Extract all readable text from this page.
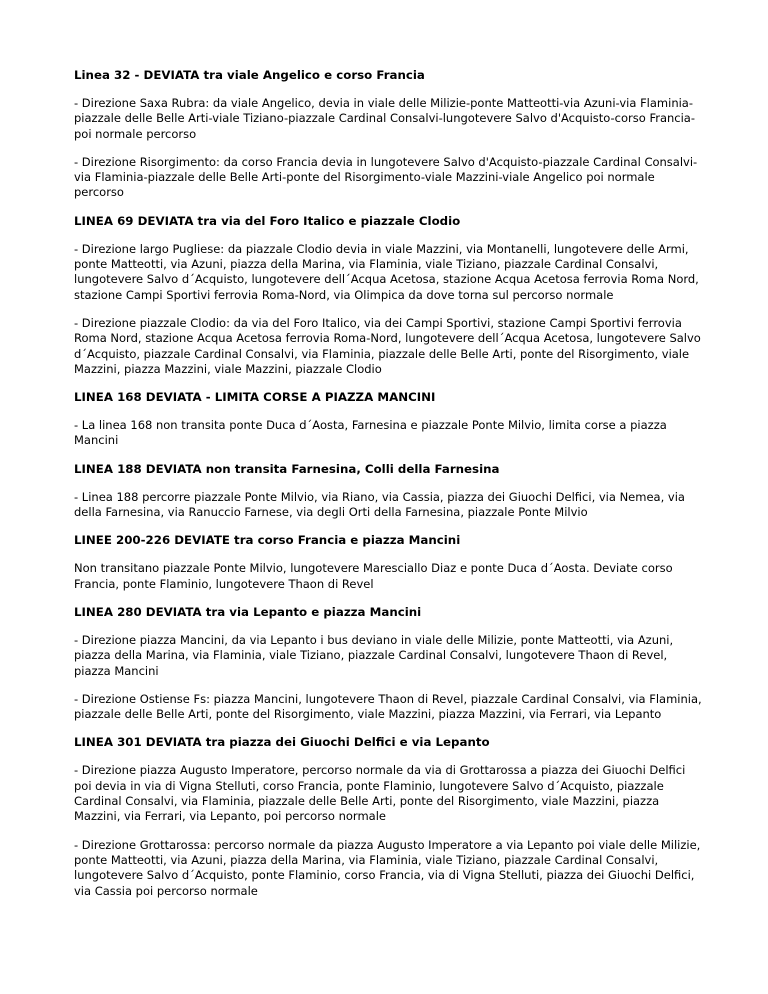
Linea 32 - DEVIATA tra viale Angelico e corso Francia
- Direzione Saxa Rubra: da viale Angelico, devia in viale delle Milizie-ponte Matteotti-via Azuni-via Flaminia-piazzale delle Belle Arti-viale Tiziano-piazzale Cardinal Consalvi-lungotevere Salvo d'Acquisto-corso Francia-poi normale percorso
- Direzione Risorgimento: da corso Francia devia in lungotevere Salvo d'Acquisto-piazzale Cardinal Consalvi-via Flaminia-piazzale delle Belle Arti-ponte del Risorgimento-viale Mazzini-viale Angelico poi normale percorso
LINEA 69 DEVIATA tra via del Foro Italico e piazzale Clodio
- Direzione largo Pugliese: da piazzale Clodio devia in viale Mazzini, via Montanelli, lungotevere delle Armi, ponte Matteotti, via Azuni, piazza della Marina, via Flaminia, viale Tiziano, piazzale Cardinal Consalvi, lungotevere Salvo d´Acquisto, lungotevere dell´Acqua Acetosa, stazione Acqua Acetosa ferrovia Roma Nord, stazione Campi Sportivi ferrovia Roma-Nord, via Olimpica da dove torna sul percorso normale
- Direzione piazzale Clodio: da via del Foro Italico, via dei Campi Sportivi, stazione Campi Sportivi ferrovia Roma Nord, stazione Acqua Acetosa ferrovia Roma-Nord, lungotevere dell´Acqua Acetosa, lungotevere Salvo d´Acquisto, piazzale Cardinal Consalvi, via Flaminia, piazzale delle Belle Arti, ponte del Risorgimento, viale Mazzini, piazza Mazzini, viale Mazzini, piazzale Clodio
LINEA 168 DEVIATA - LIMITA CORSE A PIAZZA MANCINI
- La linea 168 non transita ponte Duca d´Aosta, Farnesina e piazzale Ponte Milvio, limita corse a piazza Mancini
LINEA 188 DEVIATA non transita Farnesina, Colli della Farnesina
- Linea 188 percorre piazzale Ponte Milvio, via Riano, via Cassia, piazza dei Giuochi Delfici, via Nemea, via della Farnesina, via Ranuccio Farnese, via degli Orti della Farnesina, piazzale Ponte Milvio
LINEE 200-226 DEVIATE tra corso Francia e piazza Mancini
Non transitano piazzale Ponte Milvio, lungotevere Maresciallo Diaz e ponte Duca d´Aosta. Deviate corso Francia, ponte Flaminio, lungotevere Thaon di Revel
LINEA 280 DEVIATA tra via Lepanto e piazza Mancini
- Direzione piazza Mancini, da via Lepanto i bus deviano in viale delle Milizie, ponte Matteotti, via Azuni, piazza della Marina, via Flaminia, viale Tiziano, piazzale Cardinal Consalvi, lungotevere Thaon di Revel, piazza Mancini
- Direzione Ostiense Fs: piazza Mancini, lungotevere Thaon di Revel, piazzale Cardinal Consalvi, via Flaminia, piazzale delle Belle Arti, ponte del Risorgimento, viale Mazzini, piazza Mazzini, via Ferrari, via Lepanto
LINEA 301 DEVIATA tra piazza dei Giuochi Delfici e via Lepanto
- Direzione piazza Augusto Imperatore, percorso normale da via di Grottarossa a piazza dei Giuochi Delfici poi devia in via di Vigna Stelluti, corso Francia, ponte Flaminio, lungotevere Salvo d´Acquisto, piazzale Cardinal Consalvi, via Flaminia, piazzale delle Belle Arti, ponte del Risorgimento, viale Mazzini, piazza Mazzini, via Ferrari, via Lepanto, poi percorso normale
- Direzione Grottarossa: percorso normale da piazza Augusto Imperatore a via Lepanto poi viale delle Milizie, ponte Matteotti, via Azuni, piazza della Marina, via Flaminia, viale Tiziano, piazzale Cardinal Consalvi, lungotevere Salvo d´Acquisto, ponte Flaminio, corso Francia, via di Vigna Stelluti, piazza dei Giuochi Delfici, via Cassia poi percorso normale
